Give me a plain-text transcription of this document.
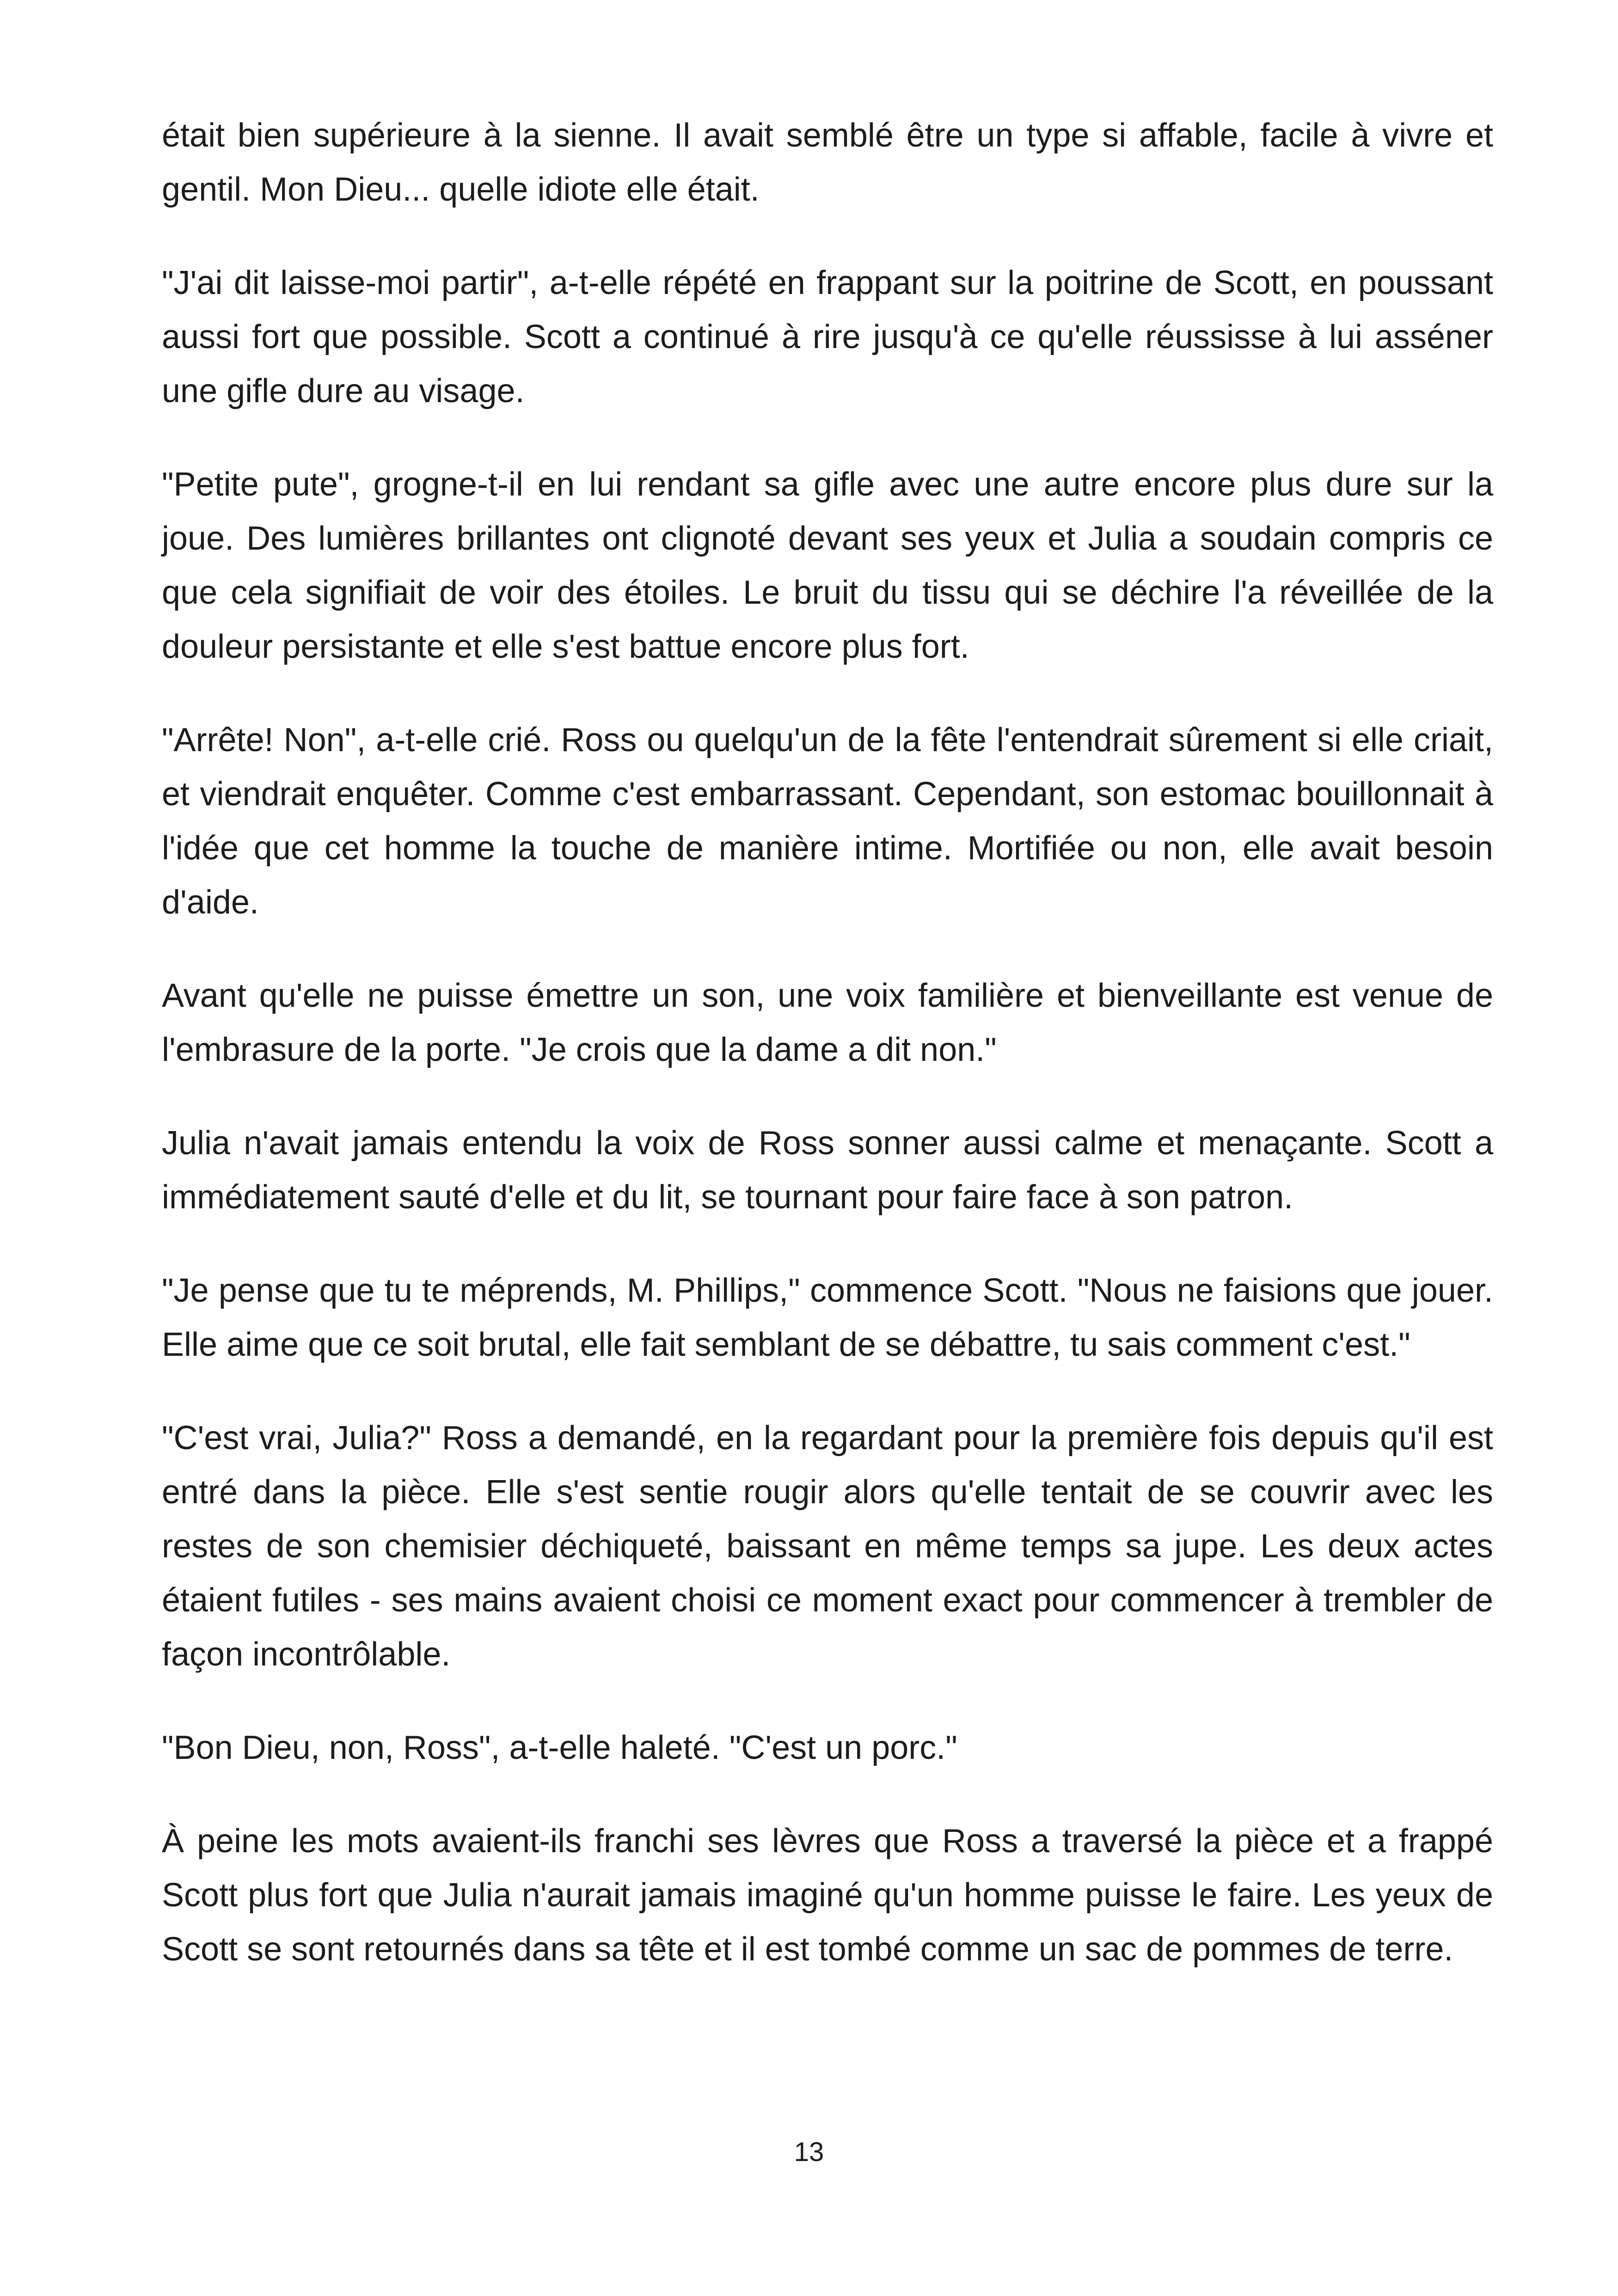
était bien supérieure à la sienne. Il avait semblé être un type si affable, facile à vivre et gentil. Mon Dieu... quelle idiote elle était.

"J'ai dit laisse-moi partir", a-t-elle répété en frappant sur la poitrine de Scott, en poussant aussi fort que possible. Scott a continué à rire jusqu'à ce qu'elle réussisse à lui asséner une gifle dure au visage.

"Petite pute", grogne-t-il en lui rendant sa gifle avec une autre encore plus dure sur la joue. Des lumières brillantes ont clignoté devant ses yeux et Julia a soudain compris ce que cela signifiait de voir des étoiles. Le bruit du tissu qui se déchire l'a réveillée de la douleur persistante et elle s'est battue encore plus fort.

"Arrête! Non", a-t-elle crié. Ross ou quelqu'un de la fête l'entendrait sûrement si elle criait, et viendrait enquêter. Comme c'est embarrassant. Cependant, son estomac bouillonnait à l'idée que cet homme la touche de manière intime. Mortifiée ou non, elle avait besoin d'aide.

Avant qu'elle ne puisse émettre un son, une voix familière et bienveillante est venue de l'embrasure de la porte. "Je crois que la dame a dit non."

Julia n'avait jamais entendu la voix de Ross sonner aussi calme et menaçante. Scott a immédiatement sauté d'elle et du lit, se tournant pour faire face à son patron.

"Je pense que tu te méprends, M. Phillips," commence Scott. "Nous ne faisions que jouer. Elle aime que ce soit brutal, elle fait semblant de se débattre, tu sais comment c'est."

"C'est vrai, Julia?" Ross a demandé, en la regardant pour la première fois depuis qu'il est entré dans la pièce. Elle s'est sentie rougir alors qu'elle tentait de se couvrir avec les restes de son chemisier déchiqueté, baissant en même temps sa jupe. Les deux actes étaient futiles - ses mains avaient choisi ce moment exact pour commencer à trembler de façon incontrôlable.

"Bon Dieu, non, Ross", a-t-elle haleté. "C'est un porc."

À peine les mots avaient-ils franchi ses lèvres que Ross a traversé la pièce et a frappé Scott plus fort que Julia n'aurait jamais imaginé qu'un homme puisse le faire. Les yeux de Scott se sont retournés dans sa tête et il est tombé comme un sac de pommes de terre.

13
